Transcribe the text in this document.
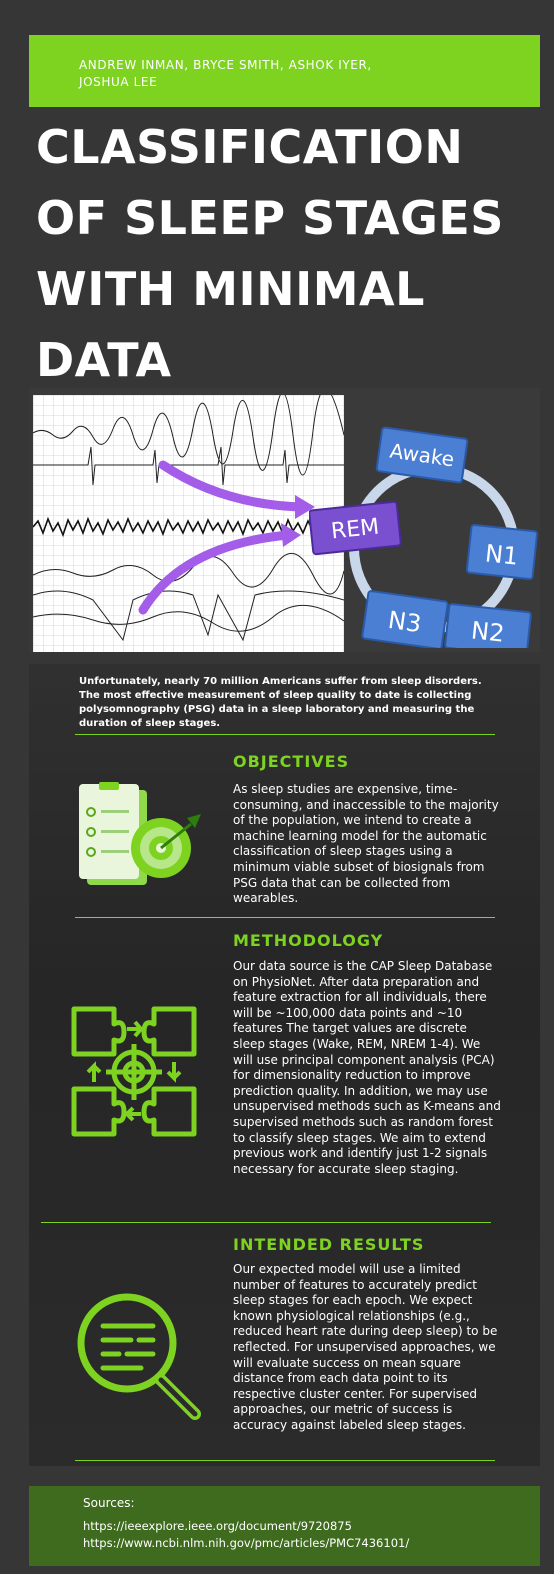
ANDREW INMAN, BRYCE SMITH, ASHOK IYER,
JOSHUA LEE
CLASSIFICATION
OF SLEEP STAGES
WITH MINIMAL
DATA
Awake
REM
N1
N2
N3

Unfortunately, nearly 70 million Americans suffer from sleep disorders. The most effective measurement of sleep quality to date is collecting polysomnography (PSG) data in a sleep laboratory and measuring the duration of sleep stages.

OBJECTIVES

As sleep studies are expensive, time-consuming, and inaccessible to the majority of the population, we intend to create a machine learning model for the automatic classification of sleep stages using a minimum viable subset of biosignals from PSG data that can be collected from wearables.

METHODOLOGY

Our data source is the CAP Sleep Database on PhysioNet. After data preparation and feature extraction for all individuals, there will be ~100,000 data points and ~10 features The target values are discrete sleep stages (Wake, REM, NREM 1-4). We will use principal component analysis (PCA) for dimensionality reduction to improve prediction quality. In addition, we may use unsupervised methods such as K-means and supervised methods such as random forest to classify sleep stages. We aim to extend previous work and identify just 1-2 signals necessary for accurate sleep staging.

INTENDED RESULTS

Our expected model will use a limited number of features to accurately predict sleep stages for each epoch. We expect known physiological relationships (e.g., reduced heart rate during deep sleep) to be reflected. For unsupervised approaches, we will evaluate success on mean square distance from each data point to its respective cluster center. For supervised approaches, our metric of success is accuracy against labeled sleep stages.

Sources:
https://ieeexplore.ieee.org/document/9720875
https://www.ncbi.nlm.nih.gov/pmc/articles/PMC7436101/
